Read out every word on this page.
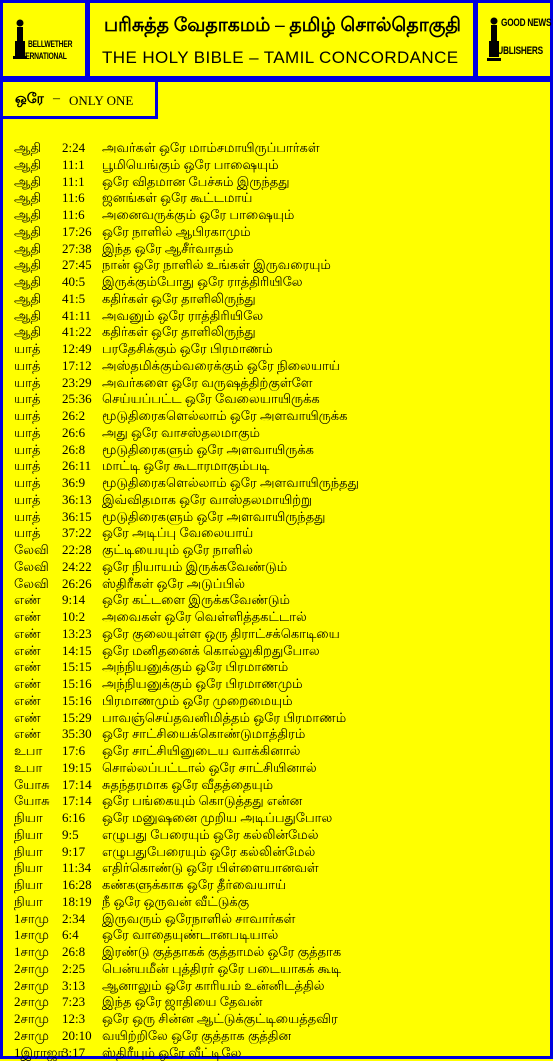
BELLWETHER
INTERNATIONAL
பரிசுத்த வேதாகமம் – தமிழ் சொல்தொகுதி
THE HOLY BIBLE – TAMIL CONCORDANCE
GOOD NEWS
PUBLISHERS
ஒரே – ONLY ONE
ஆதி 2:24 அவர்கள் ஒரே மாம்சமாயிருப்பார்கள்
ஆதி 11:1 பூமியெங்கும் ஒரே பாஷையும்
ஆதி 11:1 ஒரே விதமான பேச்சும் இருந்தது
ஆதி 11:6 ஜனங்கள் ஒரே கூட்டமாய்
ஆதி 11:6 அனைவருக்கும் ஒரே பாஷையும்
ஆதி 17:26 ஒரே நாளில் ஆபிரகாமும்
ஆதி 27:38 இந்த ஒரே ஆசீர்வாதம்
ஆதி 27:45 நான் ஒரே நாளில் உங்கள் இருவரையும்
ஆதி 40:5 இருக்கும்போது ஒரே ராத்திரியிலே
ஆதி 41:5 கதிர்கள் ஒரே தாளிலிருந்து
ஆதி 41:11 அவனும் ஒரே ராத்திரியிலே
ஆதி 41:22 கதிர்கள் ஒரே தாளிலிருந்து
யாத் 12:49 பரதேசிக்கும் ஒரே பிரமாணம்
யாத் 17:12 அஸ்தமிக்கும்வரைக்கும் ஒரே நிலையாய்
யாத் 23:29 அவர்களை ஒரே வருஷத்திற்குள்ளே
யாத் 25:36 செய்யப்பட்ட ஒரே வேலையாயிருக்க
யாத் 26:2 மூடுதிரைகளெல்லாம் ஒரே அளவாயிருக்க
யாத் 26:6 அது ஒரே வாசஸ்தலமாகும்
யாத் 26:8 மூடுதிரைகளும் ஒரே அளவாயிருக்க
யாத் 26:11 மாட்டி ஒரே கூடாரமாகும்படி
யாத் 36:9 மூடுதிரைகளெல்லாம் ஒரே அளவாயிருந்தது
யாத் 36:13 இவ்விதமாக ஒரே வாஸ்தலமாயிற்று
யாத் 36:15 மூடுதிரைகளும் ஒரே அளவாயிருந்தது
யாத் 37:22 ஒரே அடிப்பு வேலையாய்
லேவி 22:28 குட்டியையும் ஒரே நாளில்
லேவி 24:22 ஒரே நியாயம் இருக்கவேண்டும்
லேவி 26:26 ஸ்திரீகள் ஒரே அடுப்பில்
எண் 9:14 ஒரே கட்டளை இருக்கவேண்டும்
எண் 10:2 அவைகள் ஒரே வெள்ளித்தகட்டால்
எண் 13:23 ஒரே குலையுள்ள ஒரு திராட்சக்கொடியை
எண் 14:15 ஒரே மனிதனைக் கொல்லுகிறதுபோல
எண் 15:15 அந்நியனுக்கும் ஒரே பிரமாணம்
எண் 15:16 அந்நியனுக்கும் ஒரே பிரமாணமும்
எண் 15:16 பிரமாணமும் ஒரே முறைமையும்
எண் 15:29 பாவஞ்செய்தவனிமித்தம் ஒரே பிரமாணம்
எண் 35:30 ஒரே சாட்சியைக்கொண்டுமாத்திரம்
உபா 17:6 ஒரே சாட்சியினுடைய வாக்கினால்
உபா 19:15 சொல்லப்பட்டால் ஒரே சாட்சியினால்
யோசு 17:14 சுதந்தரமாக ஒரே வீதத்தையும்
யோசு 17:14 ஒரே பங்கையும் கொடுத்தது என்ன
நியா 6:16 ஒரே மனுஷனை முறிய அடிப்பதுபோல
நியா 9:5 எழுபது பேரையும் ஒரே கல்லின்மேல்
நியா 9:17 எழுபதுபேரையும் ஒரே கல்லின்மேல்
நியா 11:34 எதிர்கொண்டு ஒரே பிள்ளையானவள்
நியா 16:28 கண்களுக்காக ஒரே தீர்வையாய்
நியா 18:19 நீ ஒரே ஒருவன் வீட்டுக்கு
1சாமு 2:34 இருவரும் ஒரேநாளில் சாவார்கள்
1சாமு 6:4 ஒரே வாதையுண்டானபடியால்
1சாமு 26:8 இரண்டு குத்தாகக் குத்தாமல் ஒரே குத்தாக
2சாமு 2:25 பென்யமீன் புத்திரர் ஒரே படையாகக் கூடி
2சாமு 3:13 ஆனாலும் ஒரே காரியம் உன்னிடத்தில்
2சாமு 7:23 இந்த ஒரே ஜாதியை தேவன்
2சாமு 12:3 ஒரே ஒரு சின்ன ஆட்டுக்குட்டியைத்தவிர
2சாமு 20:10 வயிற்றிலே ஒரே குத்தாக குத்தின
1இராஜா
3:17 ஸ்திரீயும் ஒரே வீட்டிலே
